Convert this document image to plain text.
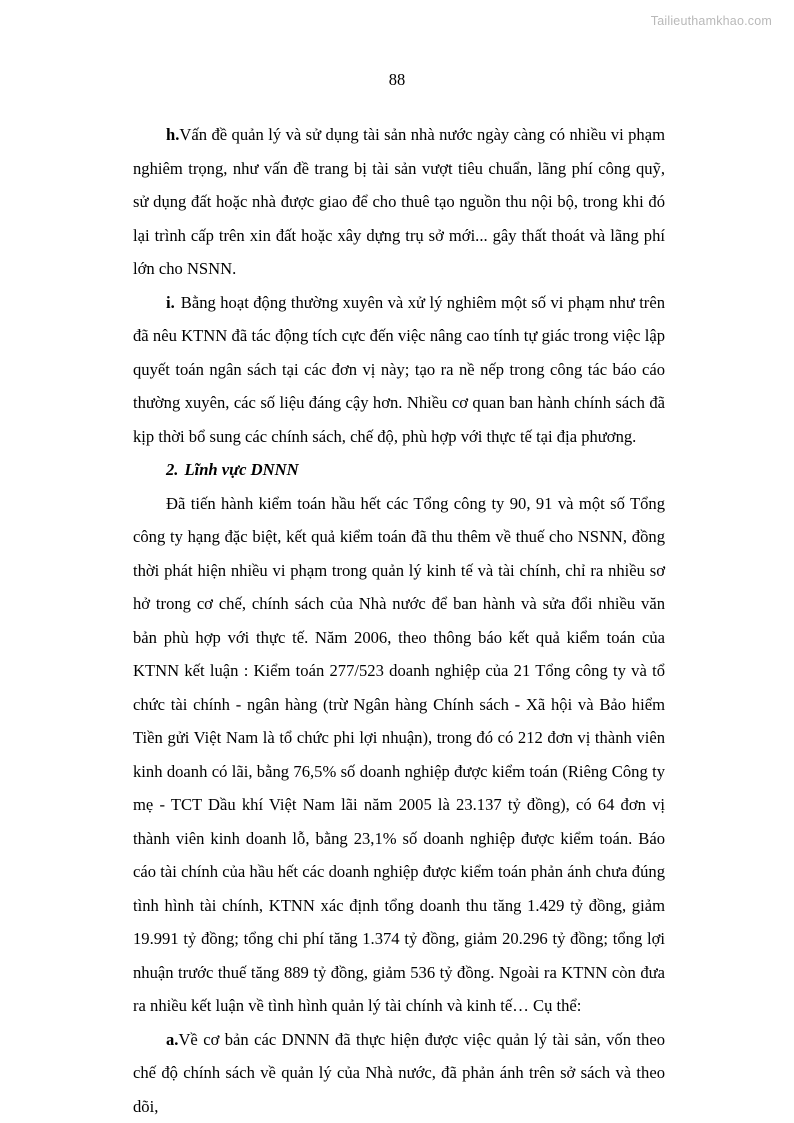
Tailieuthamkhao.com
88

h.Vấn đề quản lý và sử dụng tài sản nhà nước ngày càng có nhiều vi phạm nghiêm trọng, như vấn đề trang bị tài sản vượt tiêu chuẩn, lãng phí công quỹ, sử dụng đất hoặc nhà được giao để cho thuê tạo nguồn thu nội bộ, trong khi đó lại trình cấp trên xin đất hoặc xây dựng trụ sở mới... gây thất thoát và lãng phí lớn cho NSNN.

i. Bằng hoạt động thường xuyên và xử lý nghiêm một số vi phạm như trên đã nêu KTNN đã tác động tích cực đến việc nâng cao tính tự giác trong việc lập quyết toán ngân sách tại các đơn vị này; tạo ra nề nếp trong công tác báo cáo thường xuyên, các số liệu đáng cậy hơn. Nhiều cơ quan ban hành chính sách đã kịp thời bổ sung các chính sách, chế độ, phù hợp với thực tế tại địa phương.

2. Lĩnh vực DNNN

Đã tiến hành kiểm toán hầu hết các Tổng công ty 90, 91 và một số Tổng công ty hạng đặc biệt, kết quả kiểm toán đã thu thêm về thuế cho NSNN, đồng thời phát hiện nhiều vi phạm trong quản lý kinh tế và tài chính, chỉ ra nhiều sơ hở trong cơ chế, chính sách của Nhà nước để ban hành và sửa đổi nhiều văn bản phù hợp với thực tế. Năm 2006, theo thông báo kết quả kiểm toán của KTNN kết luận : Kiểm toán 277/523 doanh nghiệp của 21 Tổng công ty và tổ chức tài chính - ngân hàng (trừ Ngân hàng Chính sách - Xã hội và Bảo hiểm Tiền gửi Việt Nam là tổ chức phi lợi nhuận), trong đó có 212 đơn vị thành viên kinh doanh có lãi, bằng 76,5% số doanh nghiệp được kiểm toán (Riêng Công ty mẹ - TCT Dầu khí Việt Nam lãi năm 2005 là 23.137 tỷ đồng), có 64 đơn vị thành viên kinh doanh lỗ, bằng 23,1% số doanh nghiệp được kiểm toán. Báo cáo tài chính của hầu hết các doanh nghiệp được kiểm toán phản ánh chưa đúng tình hình tài chính, KTNN xác định tổng doanh thu tăng 1.429 tỷ đồng, giảm 19.991 tỷ đồng; tổng chi phí tăng 1.374 tỷ đồng, giảm 20.296 tỷ đồng; tổng lợi nhuận trước thuế tăng 889 tỷ đồng, giảm 536 tỷ đồng. Ngoài ra KTNN còn đưa ra nhiều kết luận về tình hình quản lý tài chính và kinh tế… Cụ thể:

a.Về cơ bản các DNNN đã thực hiện được việc quản lý tài sản, vốn theo chế độ chính sách về quản lý của Nhà nước, đã phản ánh trên sở sách và theo dõi,
